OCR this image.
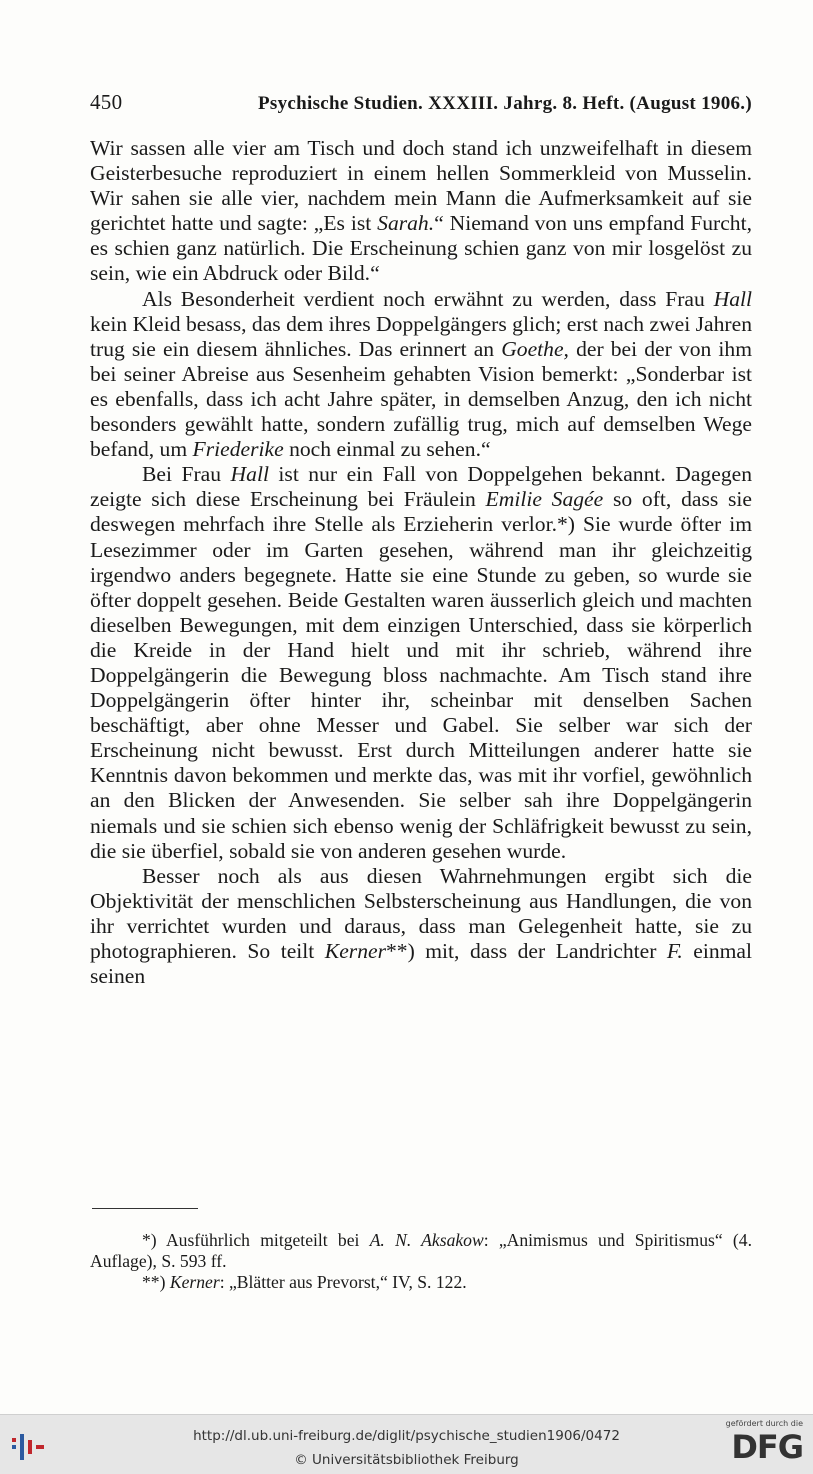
450	Psychische Studien. XXXIII. Jahrg. 8. Heft. (August 1906.)

Wir sassen alle vier am Tisch und doch stand ich unzweifelhaft in diesem Geisterbesuche reproduziert in einem hellen Sommerkleid von Musselin. Wir sahen sie alle vier, nachdem mein Mann die Aufmerksamkeit auf sie gerichtet hatte und sagte: „Es ist Sarah.“ Niemand von uns empfand Furcht, es schien ganz natürlich. Die Erscheinung schien ganz von mir losgelöst zu sein, wie ein Abdruck oder Bild.“

Als Besonderheit verdient noch erwähnt zu werden, dass Frau Hall kein Kleid besass, das dem ihres Doppelgängers glich; erst nach zwei Jahren trug sie ein diesem ähnliches. Das erinnert an Goethe, der bei der von ihm bei seiner Abreise aus Sesenheim gehabten Vision bemerkt: „Sonderbar ist es ebenfalls, dass ich acht Jahre später, in demselben Anzug, den ich nicht besonders gewählt hatte, sondern zufällig trug, mich auf demselben Wege befand, um Friederike noch einmal zu sehen.“

Bei Frau Hall ist nur ein Fall von Doppelgehen bekannt. Dagegen zeigte sich diese Erscheinung bei Fräulein Emilie Sagée so oft, dass sie deswegen mehrfach ihre Stelle als Erzieherin verlor.*) Sie wurde öfter im Lesezimmer oder im Garten gesehen, während man ihr gleichzeitig irgendwo anders begegnete. Hatte sie eine Stunde zu geben, so wurde sie öfter doppelt gesehen. Beide Gestalten waren äusserlich gleich und machten dieselben Bewegungen, mit dem einzigen Unterschied, dass sie körperlich die Kreide in der Hand hielt und mit ihr schrieb, während ihre Doppelgängerin die Bewegung bloss nachmachte. Am Tisch stand ihre Doppelgängerin öfter hinter ihr, scheinbar mit denselben Sachen beschäftigt, aber ohne Messer und Gabel. Sie selber war sich der Erscheinung nicht bewusst. Erst durch Mitteilungen anderer hatte sie Kenntnis davon bekommen und merkte das, was mit ihr vorfiel, gewöhnlich an den Blicken der Anwesenden. Sie selber sah ihre Doppelgängerin niemals und sie schien sich ebenso wenig der Schläfrigkeit bewusst zu sein, die sie überfiel, sobald sie von anderen gesehen wurde.

Besser noch als aus diesen Wahrnehmungen ergibt sich die Objektivität der menschlichen Selbsterscheinung aus Handlungen, die von ihr verrichtet wurden und daraus, dass man Gelegenheit hatte, sie zu photographieren. So teilt Kerner**) mit, dass der Landrichter F. einmal seinen

*) Ausführlich mitgeteilt bei A. N. Aksakow: „Animismus und Spiritismus“ (4. Auflage), S. 593 ff.

**) Kerner: „Blätter aus Prevorst,“ IV, S. 122.

http://dl.ub.uni-freiburg.de/diglit/psychische_studien1906/0472
© Universitätsbibliothek Freiburg
gefördert durch die
DFG
